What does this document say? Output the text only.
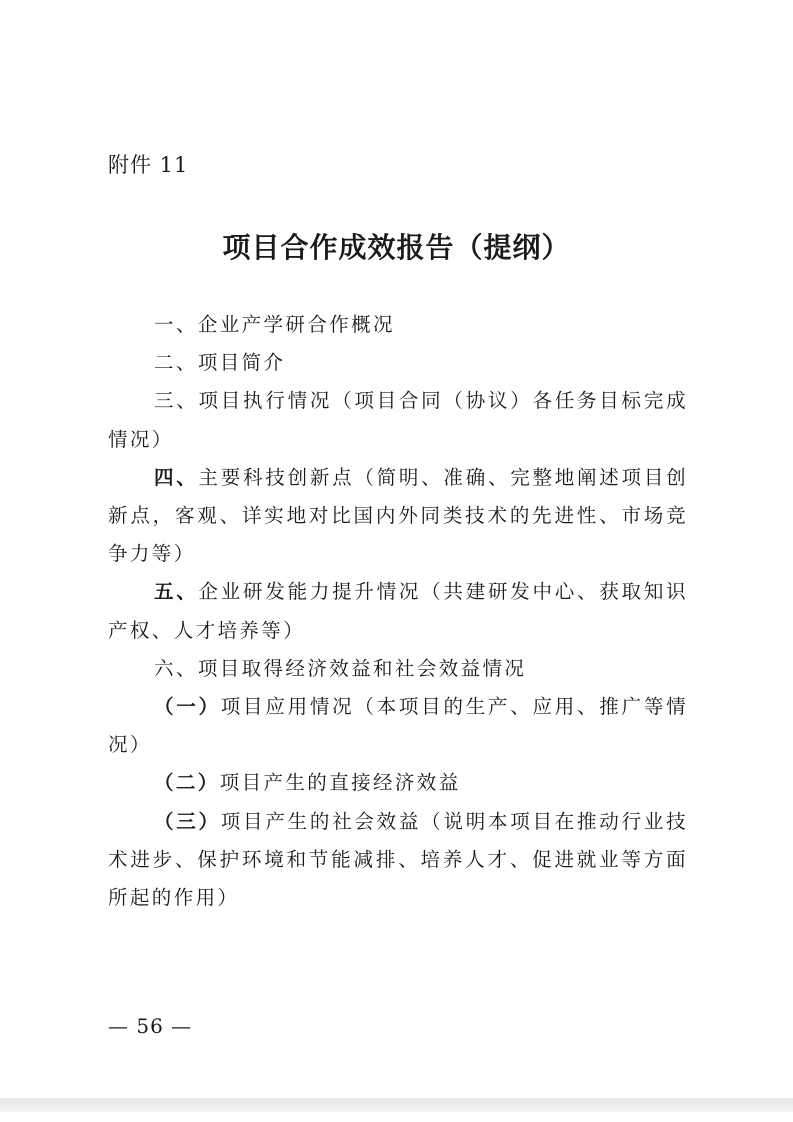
附件 11
项目合作成效报告（提纲）
一、企业产学研合作概况
二、项目简介
三、项目执行情况（项目合同（协议）各任务目标完成情况）
四、主要科技创新点（简明、准确、完整地阐述项目创新点，客观、详实地对比国内外同类技术的先进性、市场竞争力等）
五、企业研发能力提升情况（共建研发中心、获取知识产权、人才培养等）
六、项目取得经济效益和社会效益情况
（一）项目应用情况（本项目的生产、应用、推广等情况）
（二）项目产生的直接经济效益
（三）项目产生的社会效益（说明本项目在推动行业技术进步、保护环境和节能减排、培养人才、促进就业等方面所起的作用）
— 56 —
